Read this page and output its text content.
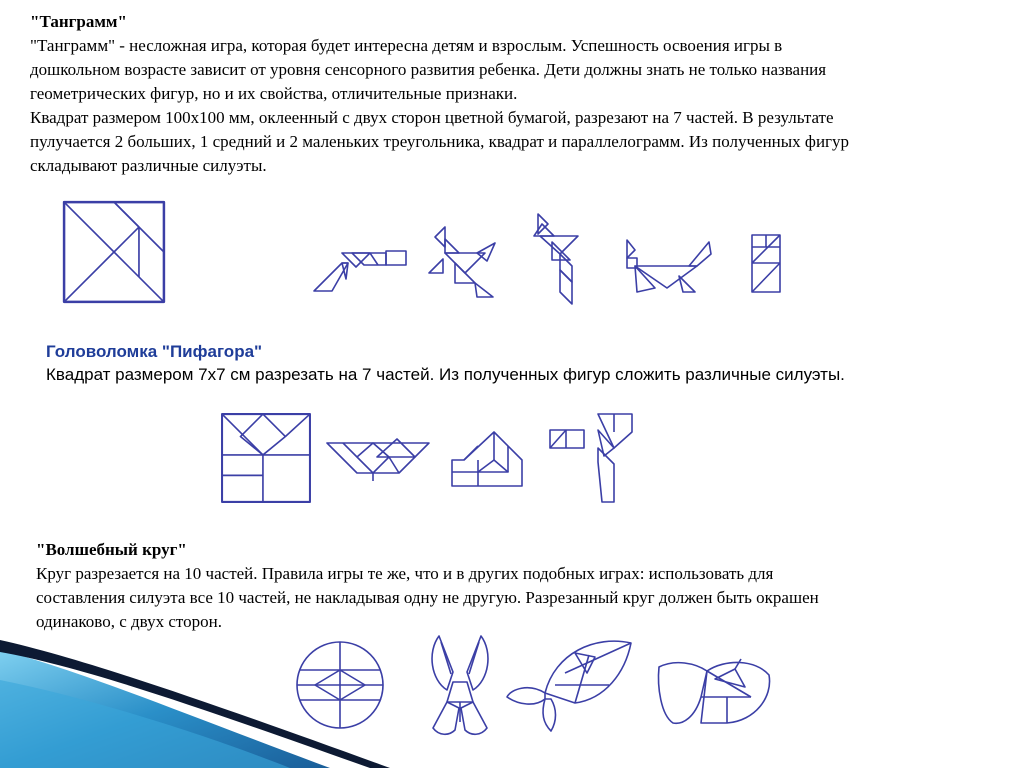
"Танграмм"
"Танграмм" - несложная игра, которая будет интересна детям и взрослым. Успешность освоения игры в
дошкольном возрасте зависит от уровня сенсорного развития ребенка. Дети должны знать не только названия
геометрических фигур, но и их свойства, отличительные признаки.
Квадрат размером 100х100 мм, оклеенный с двух сторон цветной бумагой, разрезают на 7 частей. В результате
пулучается 2 больших, 1 средний и 2 маленьких треугольника, квадрат и параллелограмм. Из полученных фигур
складывают различные силуэты.
Головоломка "Пифагора"
Квадрат размером 7х7 см разрезать на 7 частей. Из полученных фигур сложить различные силуэты.
"Волшебный круг"
Круг разрезается на 10 частей. Правила игры те же, что и в других подобных играх: использовать для
составления силуэта все 10 частей, не накладывая одну не другую. Разрезанный круг должен быть окрашен
одинаково, с двух сторон.
